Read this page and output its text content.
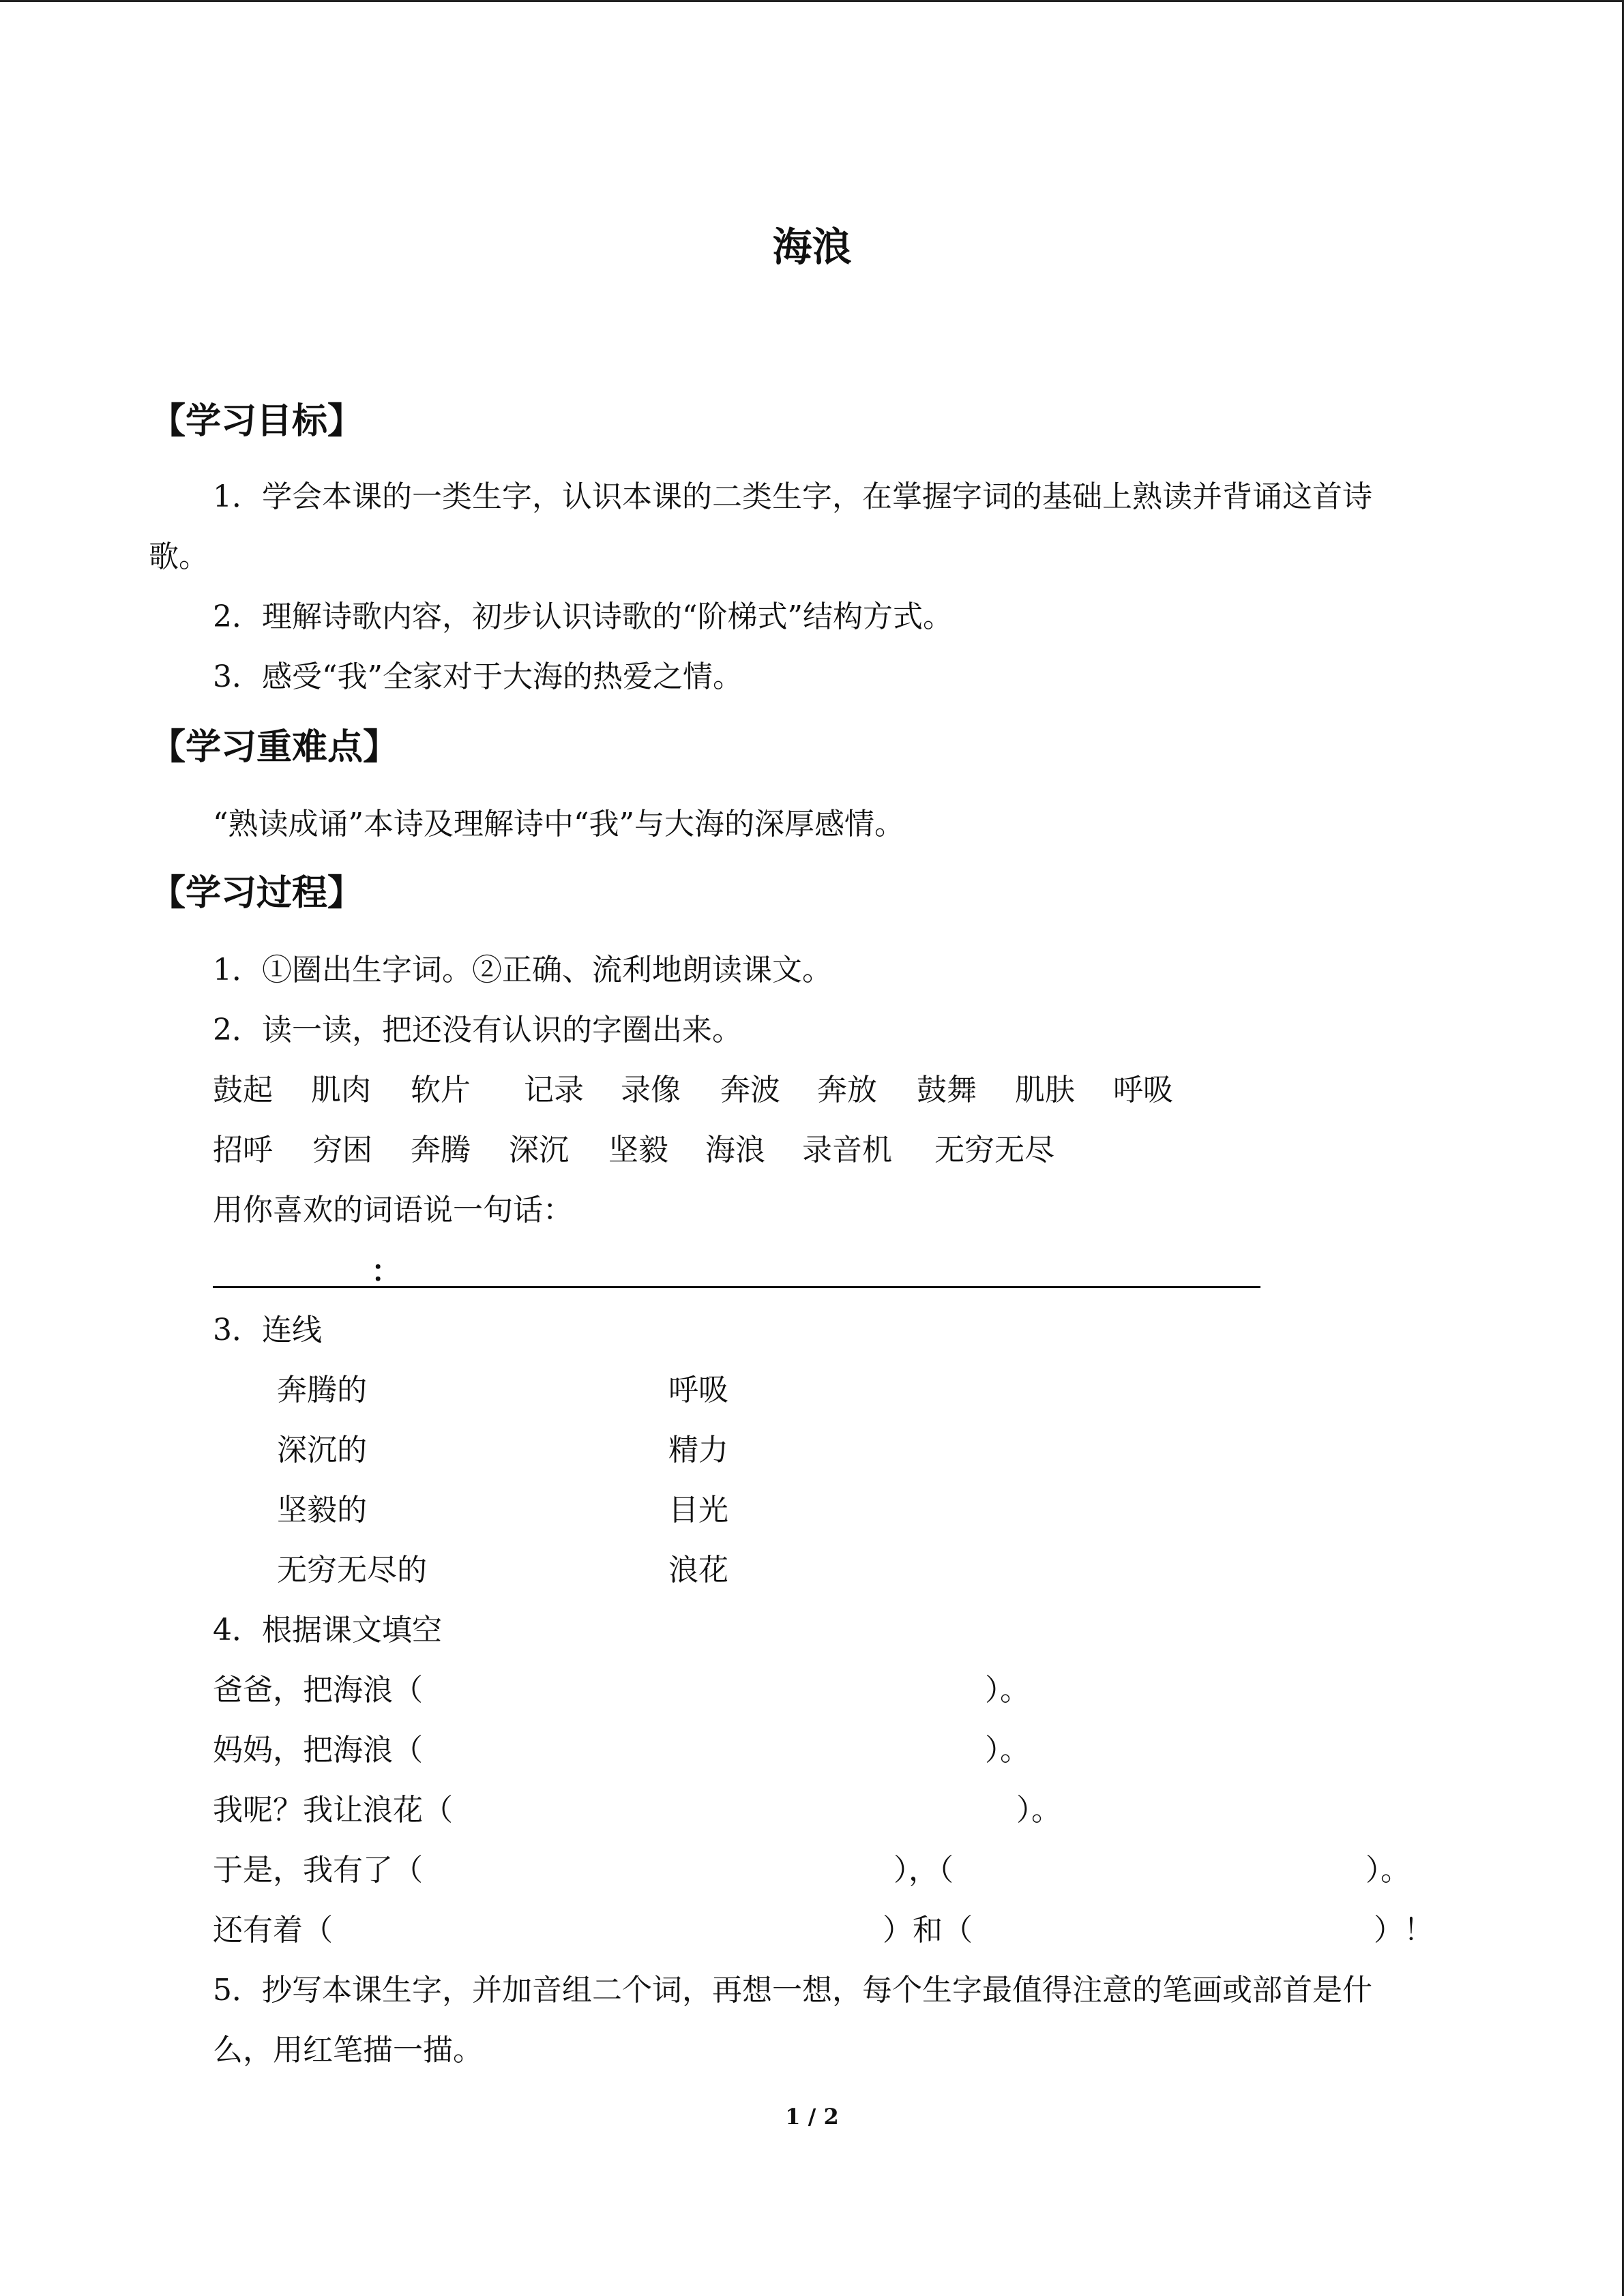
海浪
【学习目标】
1．学会本课的一类生字，认识本课的二类生字，在掌握字词的基础上熟读并背诵这首诗
歌。
2．理解诗歌内容，初步认识诗歌的“阶梯式”结构方式。
3．感受“我”全家对于大海的热爱之情。
【学习重难点】
“熟读成诵”本诗及理解诗中“我”与大海的深厚感情。
【学习过程】
1．①圈出生字词。②正确、流利地朗读课文。
2．读一读，把还没有认识的字圈出来。
鼓起 肌肉 软片 记录 录像 奔波 奔放 鼓舞 肌肤 呼吸
招呼 穷困 奔腾 深沉 坚毅 海浪 录音机 无穷无尽
用你喜欢的词语说一句话：
：
3．连线
奔腾的	呼吸
深沉的	精力
坚毅的	目光
无穷无尽的	浪花
4．根据课文填空
爸爸，把海浪（	）。
妈妈，把海浪（	）。
我呢？我让浪花（	）。
于是，我有了（	），（	）。
还有着（	）和（	）！
5．抄写本课生字，并加音组二个词，再想一想，每个生字最值得注意的笔画或部首是什
么，用红笔描一描。
1 / 2
